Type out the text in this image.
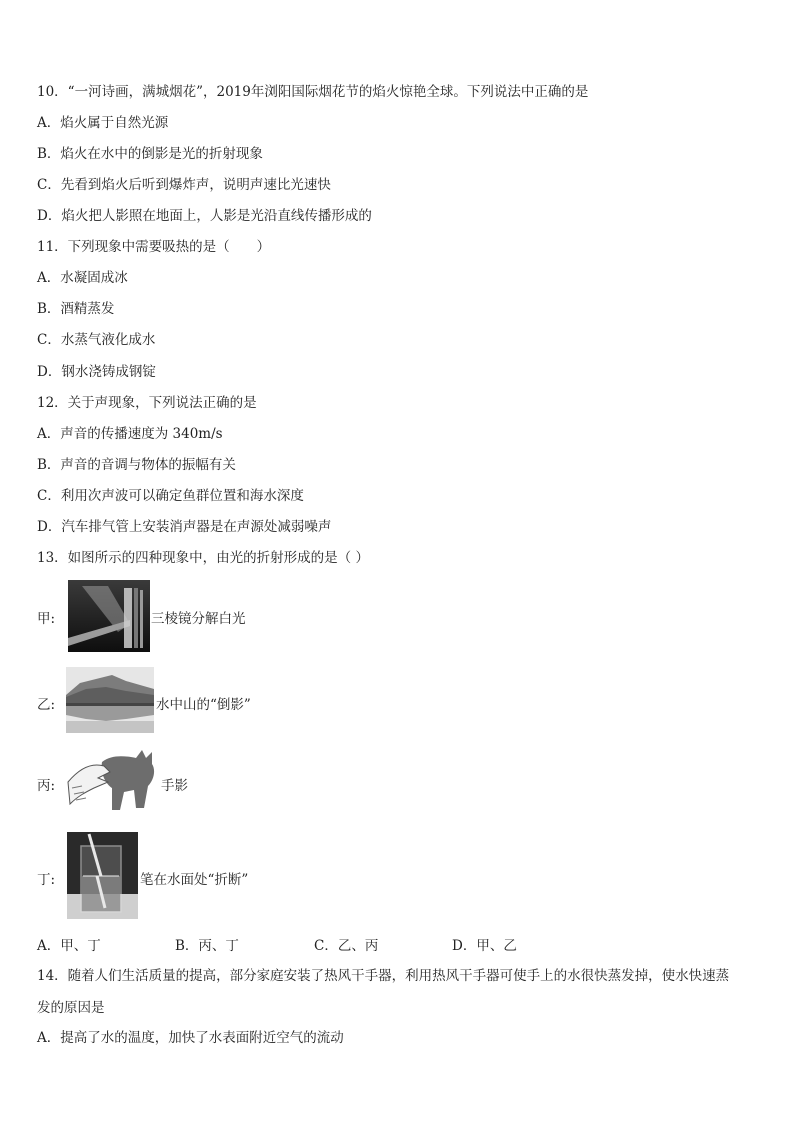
10．“一河诗画，满城烟花”，2019年浏阳国际烟花节的焰火惊艳全球。下列说法中正确的是
A．焰火属于自然光源
B．焰火在水中的倒影是光的折射现象
C．先看到焰火后听到爆炸声，说明声速比光速快
D．焰火把人影照在地面上，人影是光沿直线传播形成的
11．下列现象中需要吸热的是（　　）
A．水凝固成冰
B．酒精蒸发
C．水蒸气液化成水
D．钢水浇铸成钢锭
12．关于声现象，下列说法正确的是
A．声音的传播速度为 340m/s
B．声音的音调与物体的振幅有关
C．利用次声波可以确定鱼群位置和海水深度
D．汽车排气管上安装消声器是在声源处减弱噪声
13．如图所示的四种现象中，由光的折射形成的是（ ）
甲:	三棱镜分解白光
乙:	水中山的“倒影”
丙:	手影
丁:	笔在水面处“折断”
A．甲、丁	B．丙、丁	C．乙、丙	D．甲、乙
14．随着人们生活质量的提高，部分家庭安装了热风干手器，利用热风干手器可使手上的水很快蒸发掉，使水快速蒸
发的原因是
A．提高了水的温度，加快了水表面附近空气的流动
